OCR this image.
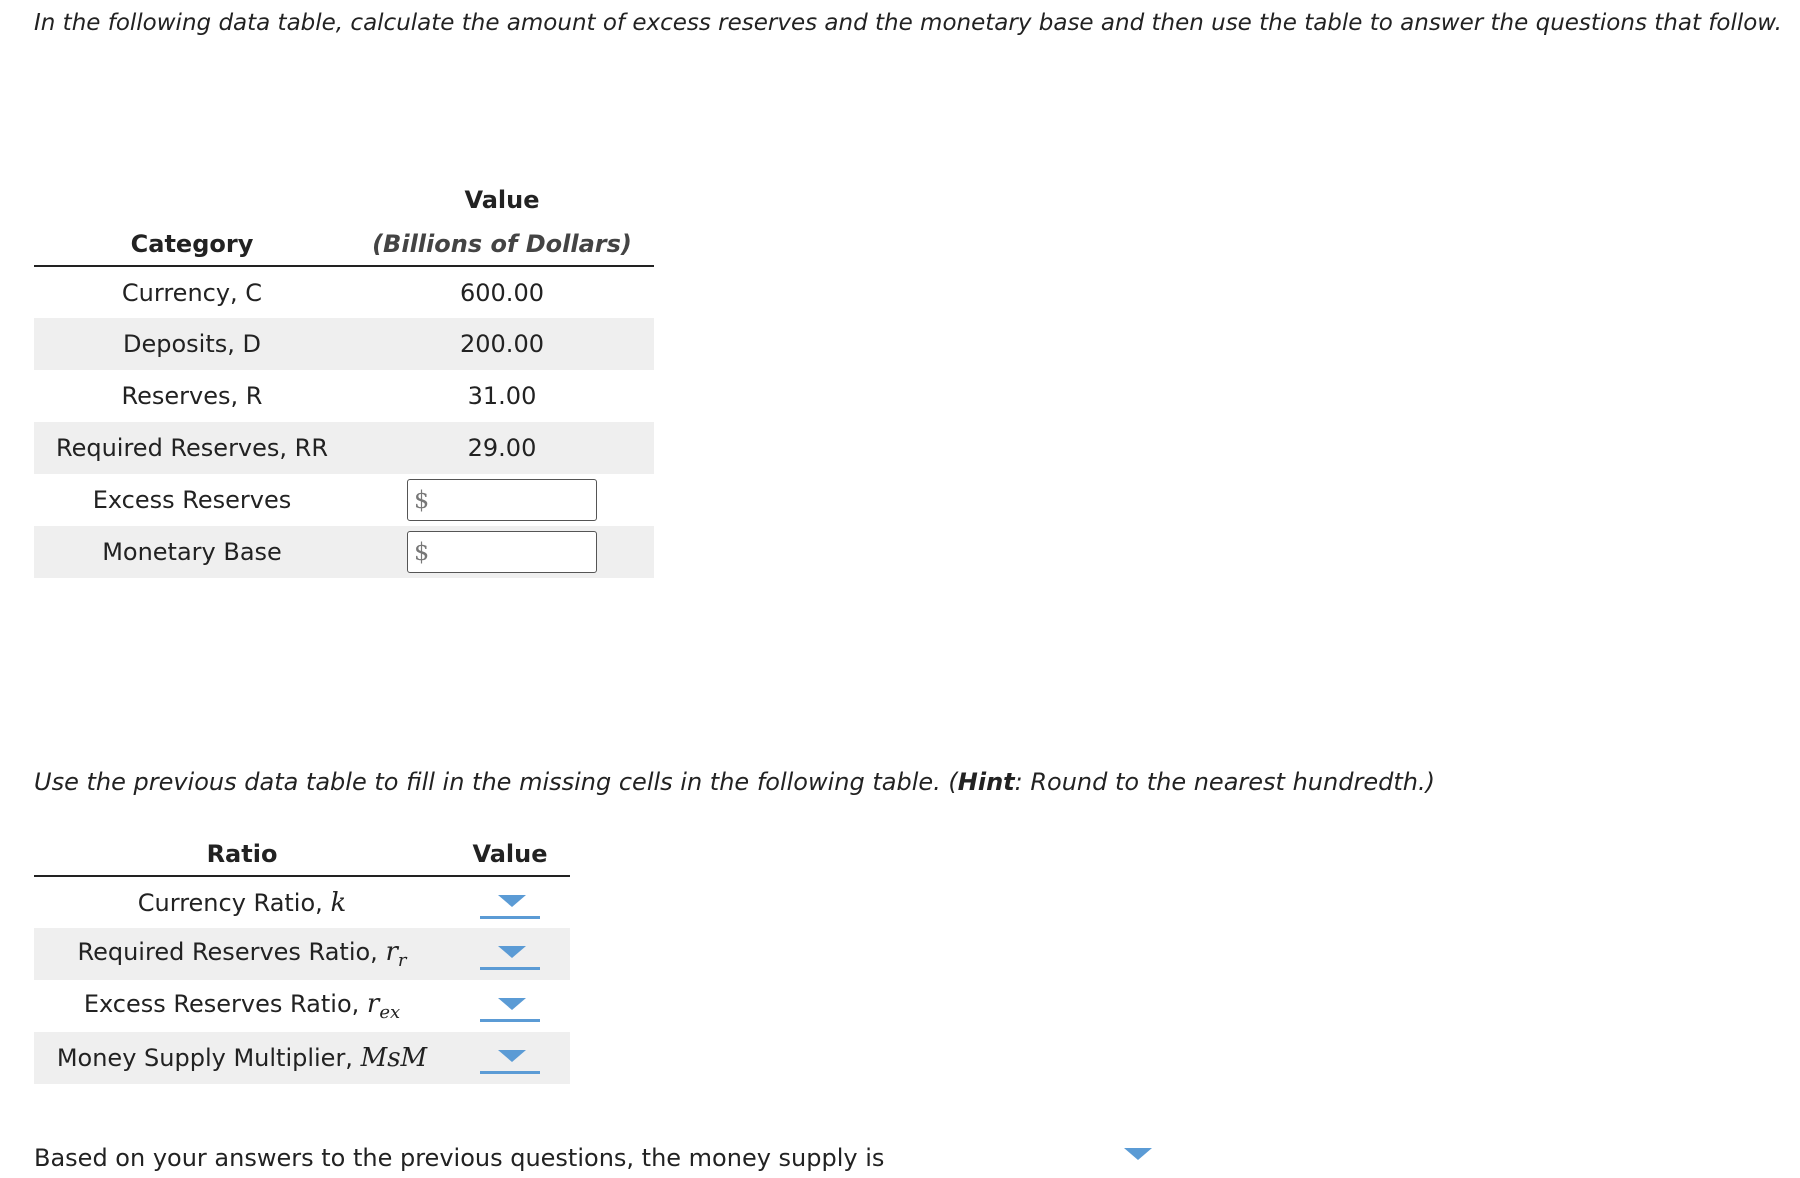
In the following data table, calculate the amount of excess reserves and the monetary base and then use the table to answer the questions that follow.

	Value
Category	(Billions of Dollars)
Currency, C	600.00
Deposits, D	200.00
Reserves, R	31.00
Required Reserves, RR	29.00
Excess Reserves	$

Monetary Base	$

Use the previous data table to fill in the missing cells in the following table. (Hint: Round to the nearest hundredth.)

Ratio	Value
Currency Ratio, k	

Required Reserves Ratio, $r_r$	

Excess Reserves Ratio, $r_{ex}$	

Money Supply Multiplier, MsM	

Based on your answers to the previous questions, the money supply is
